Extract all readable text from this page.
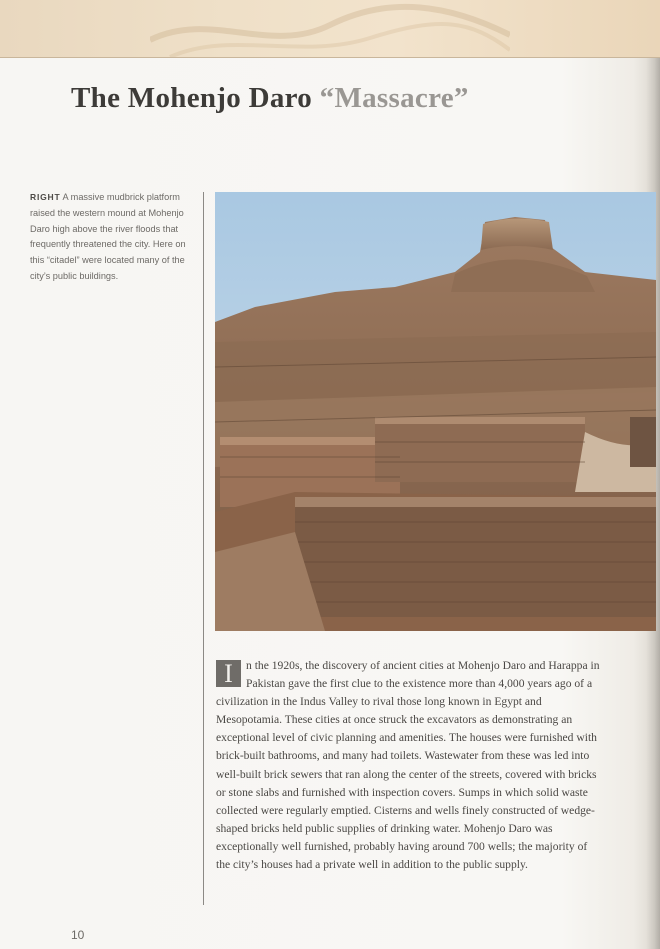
The Mohenjo Daro “Massacre”

RIGHT A massive mudbrick platform raised the western mound at Mohenjo Daro high above the river floods that frequently threatened the city. Here on this “citadel” were located many of the city’s public buildings.

I	n the 1920s, the discovery of ancient cities at Mohenjo Daro and Harappa in Pakistan gave the first clue to the existence more than 4,000 years ago of a civilization in the Indus Valley to rival those long known in Egypt and Mesopotamia. These cities at once struck the excavators as demonstrating an exceptional level of civic planning and amenities. The houses were furnished with brick-built bathrooms, and many had toilets. Wastewater from these was led into well-built brick sewers that ran along the center of the streets, covered with bricks or stone slabs and furnished with inspection covers. Sumps in which solid waste collected were regularly emptied. Cisterns and wells finely constructed of wedge-shaped bricks held public supplies of drinking water. Mohenjo Daro was exceptionally well furnished, probably having around 700 wells; the majority of the city’s houses had a private well in addition to the public supply.

10
